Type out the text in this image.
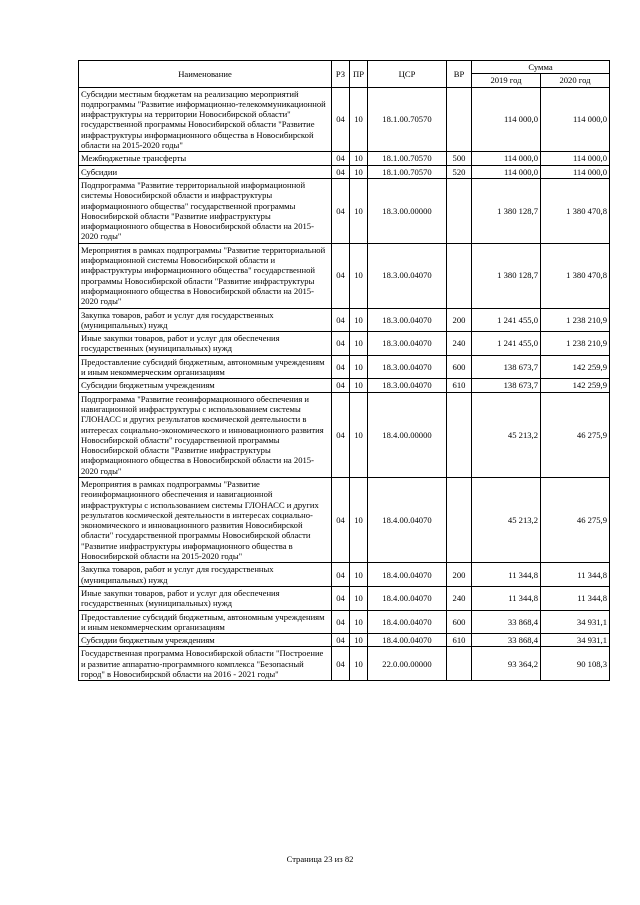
Наименование	РЗ	ПР	ЦСР	ВР	Сумма	
					2019 год	2020 год
Субсидии местным бюджетам на реализацию мероприятий подпрограммы "Развитие информационно-телекоммуникационной инфраструктуры на территории Новосибирской области" государственной программы Новосибирской области "Развитие инфраструктуры информационного общества в Новосибирской области на 2015-2020 годы"	04	10	18.1.00.70570		114 000,0	114 000,0
Межбюджетные трансферты	04	10	18.1.00.70570	500	114 000,0	114 000,0
Субсидии	04	10	18.1.00.70570	520	114 000,0	114 000,0
Подпрограмма "Развитие территориальной информационной системы Новосибирской области и инфраструктуры информационного общества" государственной программы Новосибирской области "Развитие инфраструктуры информационного общества в Новосибирской области на 2015-2020 годы"	04	10	18.3.00.00000		1 380 128,7	1 380 470,8
Мероприятия в рамках подпрограммы "Развитие территориальной информационной системы Новосибирской области и инфраструктуры информационного общества" государственной программы Новосибирской области "Развитие инфраструктуры информационного общества в Новосибирской области на 2015-2020 годы"	04	10	18.3.00.04070		1 380 128,7	1 380 470,8
Закупка товаров, работ и услуг для государственных (муниципальных) нужд	04	10	18.3.00.04070	200	1 241 455,0	1 238 210,9
Иные закупки товаров, работ и услуг для обеспечения государственных (муниципальных) нужд	04	10	18.3.00.04070	240	1 241 455,0	1 238 210,9
Предоставление субсидий бюджетным, автономным учреждениям и иным некоммерческим организациям	04	10	18.3.00.04070	600	138 673,7	142 259,9
Субсидии бюджетным учреждениям	04	10	18.3.00.04070	610	138 673,7	142 259,9
Подпрограмма "Развитие геоинформационного обеспечения и навигационной инфраструктуры с использованием системы ГЛОНАСС и других результатов космической деятельности в интересах социально-экономического и инновационного развития Новосибирской области" государственной программы Новосибирской области "Развитие инфраструктуры информационного общества в Новосибирской области на 2015-2020 годы"	04	10	18.4.00.00000		45 213,2	46 275,9
Мероприятия в рамках подпрограммы "Развитие геоинформационного обеспечения и навигационной инфраструктуры с использованием системы ГЛОНАСС и других результатов космической деятельности в интересах социально-экономического и инновационного развития Новосибирской области" государственной программы Новосибирской области "Развитие инфраструктуры информационного общества в Новосибирской области на 2015-2020 годы"	04	10	18.4.00.04070		45 213,2	46 275,9
Закупка товаров, работ и услуг для государственных (муниципальных) нужд	04	10	18.4.00.04070	200	11 344,8	11 344,8
Иные закупки товаров, работ и услуг для обеспечения государственных (муниципальных) нужд	04	10	18.4.00.04070	240	11 344,8	11 344,8
Предоставление субсидий бюджетным, автономным учреждениям и иным некоммерческим организациям	04	10	18.4.00.04070	600	33 868,4	34 931,1
Субсидии бюджетным учреждениям	04	10	18.4.00.04070	610	33 868,4	34 931,1
Государственная программа Новосибирской области "Построение и развитие аппаратно-программного комплекса "Безопасный город" в Новосибирской области на 2016 - 2021 годы"	04	10	22.0.00.00000		93 364,2	90 108,3
Страница 23 из 82
